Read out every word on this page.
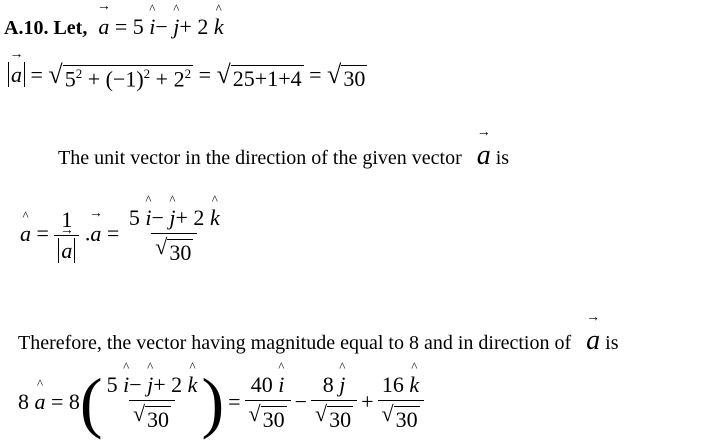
A.10. Let, → a = 5 ^ i− ^ j+ 2 ^ k
→ a = √ $5^2 + (-1)^2 + 2^2$ = √ 25+1+4 = √ 30
The unit vector in the direction of the given vector → a is
^ a = 1
→ a .→ $a = \frac{5 \^{} i- \^{} j+ 2 \^{} k}{√ 30}$
Therefore, the vector having magnitude equal to 8 and in direction of → a is
8 ^ a = 8 ( $\frac{5 \^{} i- \^{} j+ 2 \^{} k}{√ 30}$ ) = $\frac{40 \^{} i}{√ 30} - \frac{8 \^{} j}{√ 30} + \frac{16 \^{} k}{√ 30}$
